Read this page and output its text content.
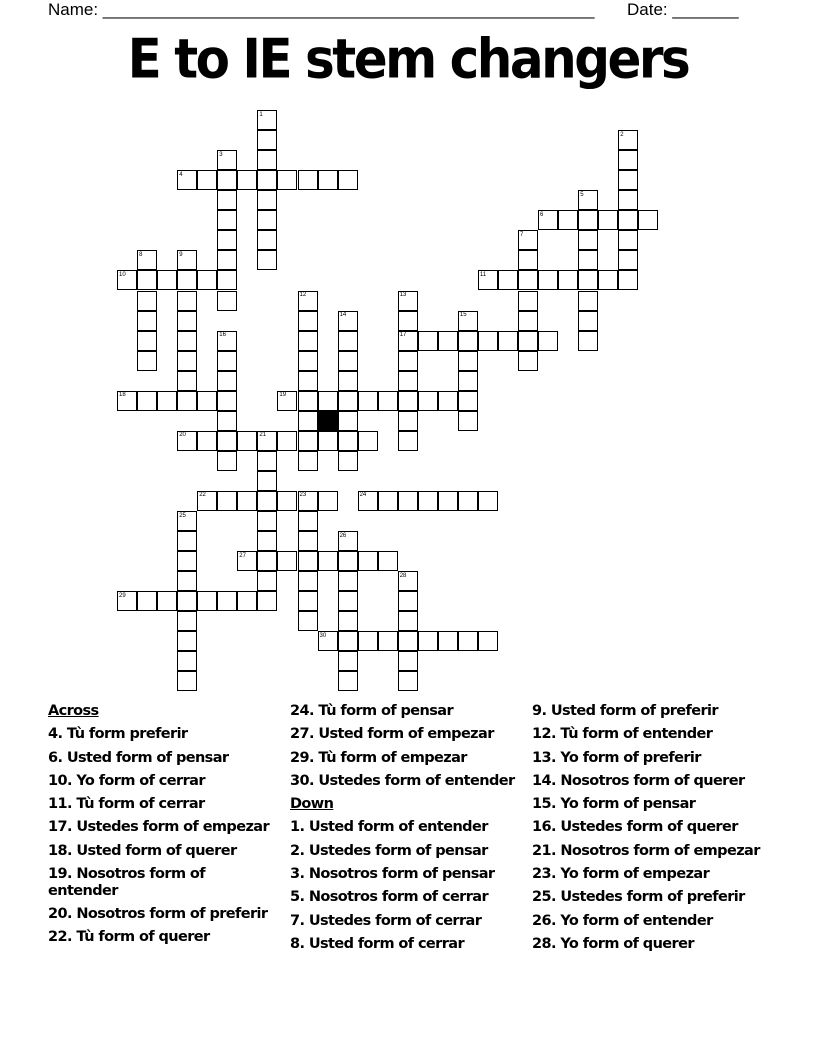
Name: ____________________________________________________ Date: _______
E to IE stem changers
1
2
3
4
5
6
7
8	9
10	11
12	13
14	15
16	17
18	19
20	21
22	23	24
25
26
27
28
29
30
Across
4. Tù form preferir
6. Usted form of pensar
10. Yo form of cerrar
11. Tù form of cerrar
17. Ustedes form of empezar
18. Usted form of querer
19. Nosotros form of entender
20. Nosotros form of preferir
22. Tù form of querer
24. Tù form of pensar
27. Usted form of empezar
29. Tù form of empezar
30. Ustedes form of entender
Down
1. Usted form of entender
2. Ustedes form of pensar
3. Nosotros form of pensar
5. Nosotros form of cerrar
7. Ustedes form of cerrar
8. Usted form of cerrar
9. Usted form of preferir
12. Tù form of entender
13. Yo form of preferir
14. Nosotros form of querer
15. Yo form of pensar
16. Ustedes form of querer
21. Nosotros form of empezar
23. Yo form of empezar
25. Ustedes form of preferir
26. Yo form of entender
28. Yo form of querer
